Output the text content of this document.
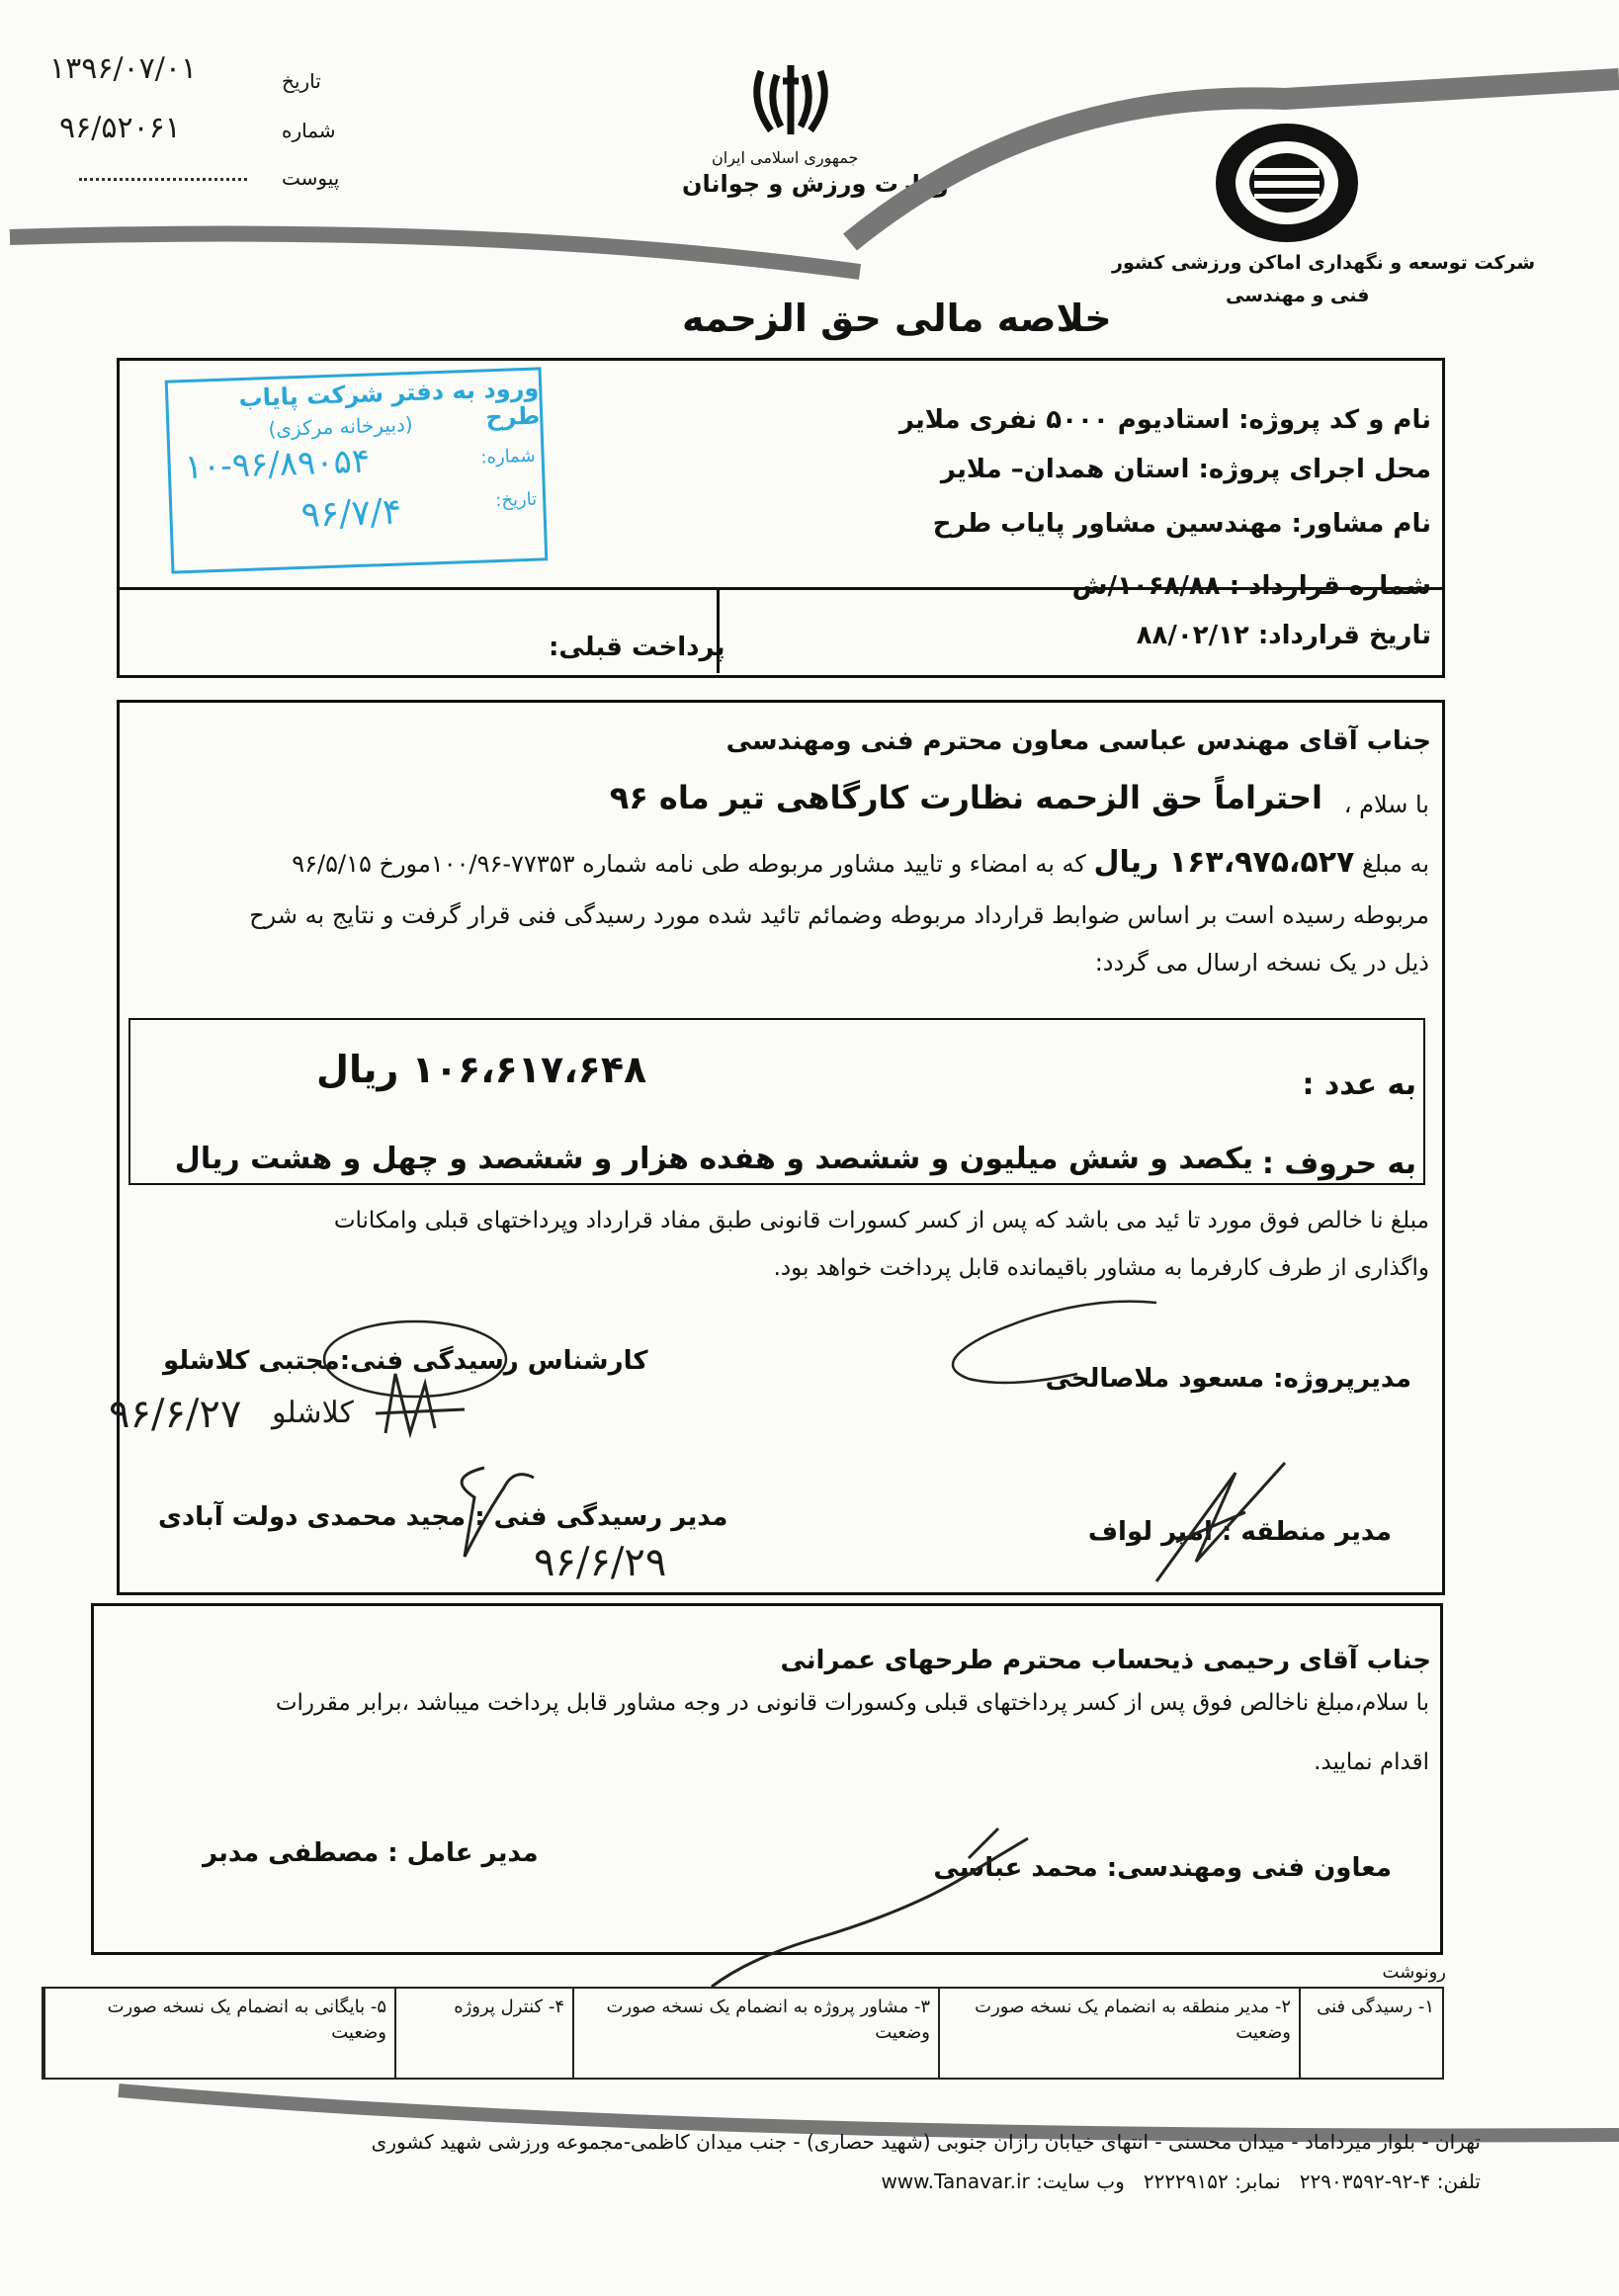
۱۳۹۶/۰۷/۰۱	تاریخ
۹۶/۵۲۰۶۱	شماره
پیوست
جمهوری اسلامی ایران
وزارت ورزش و جوانان
شرکت توسعه و نگهداری اماکن ورزشی کشور
فنی و مهندسی
خلاصه مالی حق الزحمه
نام و کد پروژه: استادیوم ۵۰۰۰ نفری ملایر
محل اجرای پروژه: استان همدان– ملایر
نام مشاور: مهندسین مشاور پایاب طرح
شماره قرارداد : ۱۰۶۸/۸۸/ش
تاریخ قرارداد: ۸۸/۰۲/۱۲
پرداخت قبلی:
ورود به دفتر شرکت پایاب طرح
(دبیرخانه مرکزی)
شماره:
۱۰-۹۶/۸۹۰۵۴
تاریخ:
۹۶/۷/۴
جناب آقای مهندس عباسی معاون محترم فنی ومهندسی
با سلام ،
احتراماً حق الزحمه نظارت کارگاهی تیر ماه ۹۶
به مبلغ ۱۶۳،۹۷۵،۵۲۷ ریال که به امضاء و تایید مشاور مربوطه طی نامه شماره ۷۷۳۵۳-۱۰۰/۹۶مورخ ۹۶/۵/۱۵
مربوطه رسیده است بر اساس ضوابط قرارداد مربوطه وضمائم تائید شده مورد رسیدگی فنی قرار گرفت و نتایج به شرح
ذیل در یک نسخه ارسال می گردد:
به عدد :
۱۰۶،۶۱۷،۶۴۸ ریال
به حروف :
یکصد و شش میلیون و ششصد و هفده هزار و ششصد و چهل و هشت ریال
مبلغ نا خالص فوق مورد تا ئید می باشد که پس از کسر کسورات قانونی طبق مفاد قرارداد وپرداختهای قبلی وامکانات
واگذاری از طرف کارفرما به مشاور باقیمانده قابل پرداخت خواهد بود.
کارشناس رسیدگی فنی:مجتبی کلاشلو
۹۶/۶/۲۷ کلاشلو
مدیرپروژه: مسعود ملاصالحی
مدیر رسیدگی فنی : مجید محمدی دولت آبادی
۹۶/۶/۲۹
مدیر منطقه : امیر لواف
جناب آقای رحیمی ذیحساب محترم طرحهای عمرانی
با سلام،مبلغ ناخالص فوق پس از کسر پرداختهای قبلی وکسورات قانونی در وجه مشاور قابل پرداخت میباشد ،برابر مقررات
اقدام نمایید.
مدیر عامل : مصطفی مدبر	معاون فنی ومهندسی: محمد عباسی
رونوشت
۵- بایگانی به انضمام یک نسخه صورت وضعیت
۴- کنترل پروژه	۳- مشاور پروژه به انضمام یک نسخه صورت وضعیت
۲- مدیر منطقه به انضمام یک نسخه صورت وضعیت
۱- رسیدگی فنی
تهران - بلوار میرداماد - میدان محسنی - انتهای خیابان رازان جنوبی (شهید حصاری) - جنب میدان کاظمی-مجموعه ورزشی شهید کشوری
تلفن: ۴-۹۲-۲۲۹۰۳۵۹۲   نمابر: ۲۲۲۲۹۱۵۲   وب سایت: www.Tanavar.ir
